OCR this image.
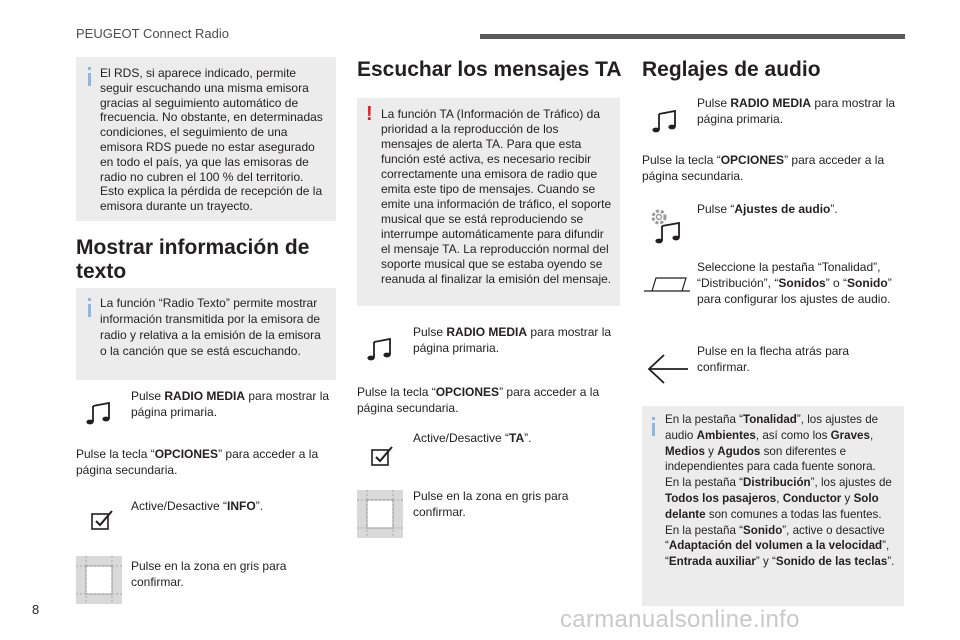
PEUGEOT Connect Radio
El RDS, si aparece indicado, permite seguir escuchando una misma emisora gracias al seguimiento automático de frecuencia. No obstante, en determinadas condiciones, el seguimiento de una emisora RDS puede no estar asegurado en todo el país, ya que las emisoras de radio no cubren el 100 % del territorio. Esto explica la pérdida de recepción de la emisora durante un trayecto.
Mostrar información de texto
La función “Radio Texto” permite mostrar información transmitida por la emisora de radio y relativa a la emisión de la emisora o la canción que se está escuchando.
Pulse RADIO MEDIA para mostrar la página primaria.
Pulse la tecla “OPCIONES” para acceder a la página secundaria.
Active/Desactive “INFO”.
Pulse en la zona en gris para confirmar.
Escuchar los mensajes TA
! La función TA (Información de Tráfico) da prioridad a la reproducción de los mensajes de alerta TA. Para que esta función esté activa, es necesario recibir correctamente una emisora de radio que emita este tipo de mensajes. Cuando se emite una información de tráfico, el soporte musical que se está reproduciendo se interrumpe automáticamente para difundir el mensaje TA. La reproducción normal del soporte musical que se estaba oyendo se reanuda al finalizar la emisión del mensaje.
Pulse RADIO MEDIA para mostrar la página primaria.
Pulse la tecla “OPCIONES” para acceder a la página secundaria.
Active/Desactive “TA”.
Pulse en la zona en gris para confirmar.
Reglajes de audio
Pulse RADIO MEDIA para mostrar la página primaria.
Pulse la tecla “OPCIONES” para acceder a la página secundaria.
Pulse “Ajustes de audio”.
Seleccione la pestaña “Tonalidad”, “Distribución”, “Sonidos” o “Sonido” para configurar los ajustes de audio.
Pulse en la flecha atrás para confirmar.
En la pestaña “Tonalidad”, los ajustes de audio Ambientes, así como los Graves, Medios y Agudos son diferentes e independientes para cada fuente sonora.
En la pestaña “Distribución”, los ajustes de Todos los pasajeros, Conductor y Solo delante son comunes a todas las fuentes.
En la pestaña “Sonido”, active o desactive “Adaptación del volumen a la velocidad”, “Entrada auxiliar” y “Sonido de las teclas”.
8	carmanualsonline.info
